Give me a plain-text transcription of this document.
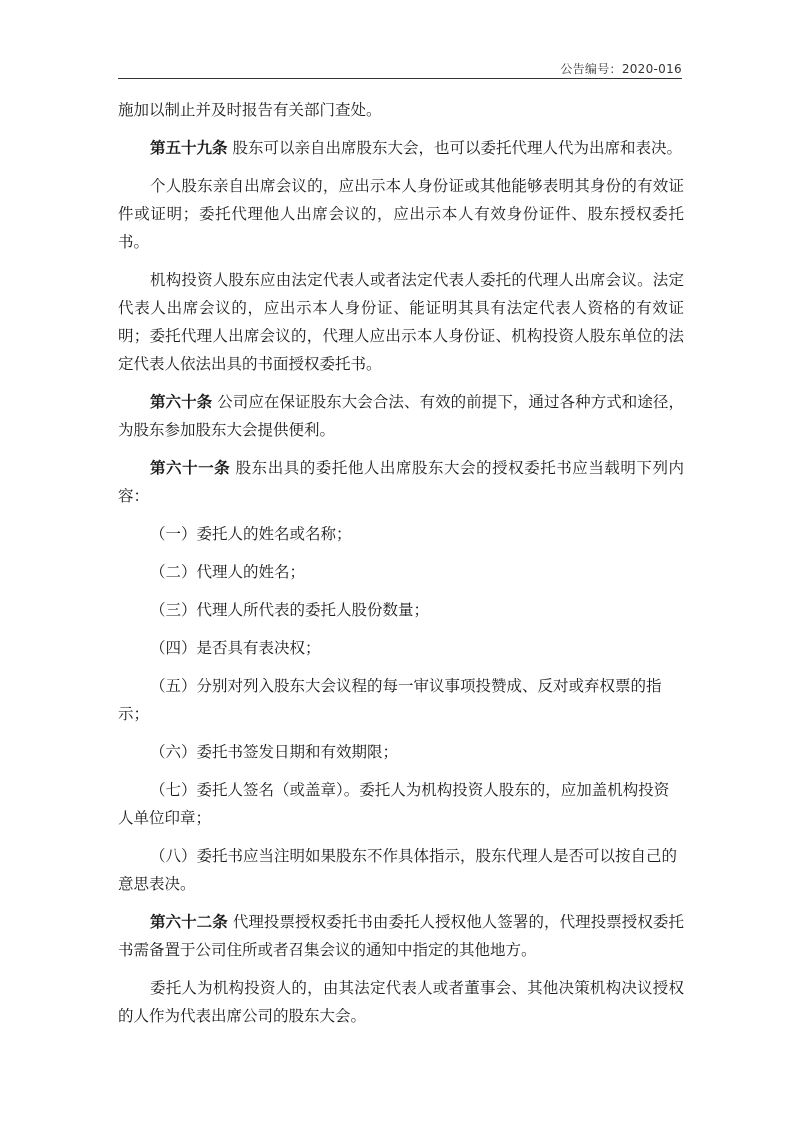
公告编号：2020-016

施加以制止并及时报告有关部门查处。

第五十九条 股东可以亲自出席股东大会，也可以委托代理人代为出席和表决。

个人股东亲自出席会议的，应出示本人身份证或其他能够表明其身份的有效证件或证明；委托代理他人出席会议的，应出示本人有效身份证件、股东授权委托书。

机构投资人股东应由法定代表人或者法定代表人委托的代理人出席会议。法定代表人出席会议的，应出示本人身份证、能证明其具有法定代表人资格的有效证明；委托代理人出席会议的，代理人应出示本人身份证、机构投资人股东单位的法定代表人依法出具的书面授权委托书。

第六十条 公司应在保证股东大会合法、有效的前提下，通过各种方式和途径，为股东参加股东大会提供便利。

第六十一条 股东出具的委托他人出席股东大会的授权委托书应当载明下列内容：

（一）委托人的姓名或名称；

（二）代理人的姓名；

（三）代理人所代表的委托人股份数量；

（四）是否具有表决权；

（五）分别对列入股东大会议程的每一审议事项投赞成、反对或弃权票的指示；

（六）委托书签发日期和有效期限；

（七）委托人签名（或盖章）。委托人为机构投资人股东的，应加盖机构投资人单位印章；

（八）委托书应当注明如果股东不作具体指示，股东代理人是否可以按自己的意思表决。

第六十二条 代理投票授权委托书由委托人授权他人签署的，代理投票授权委托书需备置于公司住所或者召集会议的通知中指定的其他地方。

委托人为机构投资人的，由其法定代表人或者董事会、其他决策机构决议授权的人作为代表出席公司的股东大会。
